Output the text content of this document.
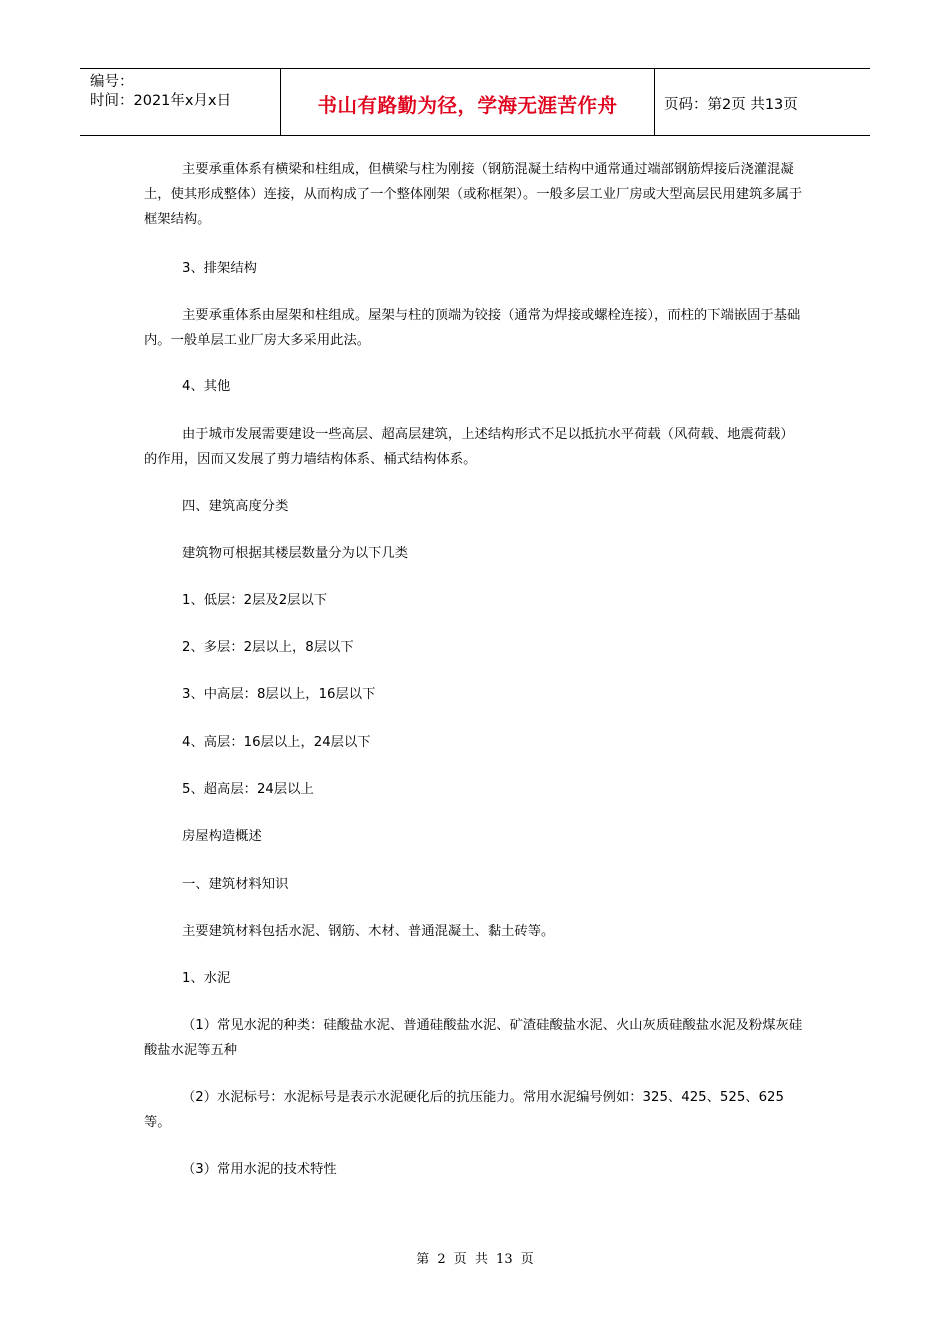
编号：
时间：2021年x月x日	书山有路勤为径，学海无涯苦作舟	页码：第2页 共13页

主要承重体系有横梁和柱组成，但横梁与柱为刚接（钢筋混凝土结构中通常通过端部钢筋焊接后浇灌混凝土，使其形成整体）连接，从而构成了一个整体刚架（或称框架）。一般多层工业厂房或大型高层民用建筑多属于框架结构。

3、排架结构

主要承重体系由屋架和柱组成。屋架与柱的顶端为铰接（通常为焊接或螺栓连接），而柱的下端嵌固于基础内。一般单层工业厂房大多采用此法。

4、其他

由于城市发展需要建设一些高层、超高层建筑，上述结构形式不足以抵抗水平荷载（风荷载、地震荷载）的作用，因而又发展了剪力墙结构体系、桶式结构体系。

四、建筑高度分类

建筑物可根据其楼层数量分为以下几类

1、低层：2层及2层以下

2、多层：2层以上，8层以下

3、中高层：8层以上，16层以下

4、高层：16层以上，24层以下

5、超高层：24层以上

房屋构造概述

一、建筑材料知识

主要建筑材料包括水泥、钢筋、木材、普通混凝土、黏土砖等。

1、水泥

（1）常见水泥的种类：硅酸盐水泥、普通硅酸盐水泥、矿渣硅酸盐水泥、火山灰质硅酸盐水泥及粉煤灰硅酸盐水泥等五种

（2）水泥标号：水泥标号是表示水泥硬化后的抗压能力。常用水泥编号例如：325、425、525、625等。

（3）常用水泥的技术特性

第 2 页 共 13 页
